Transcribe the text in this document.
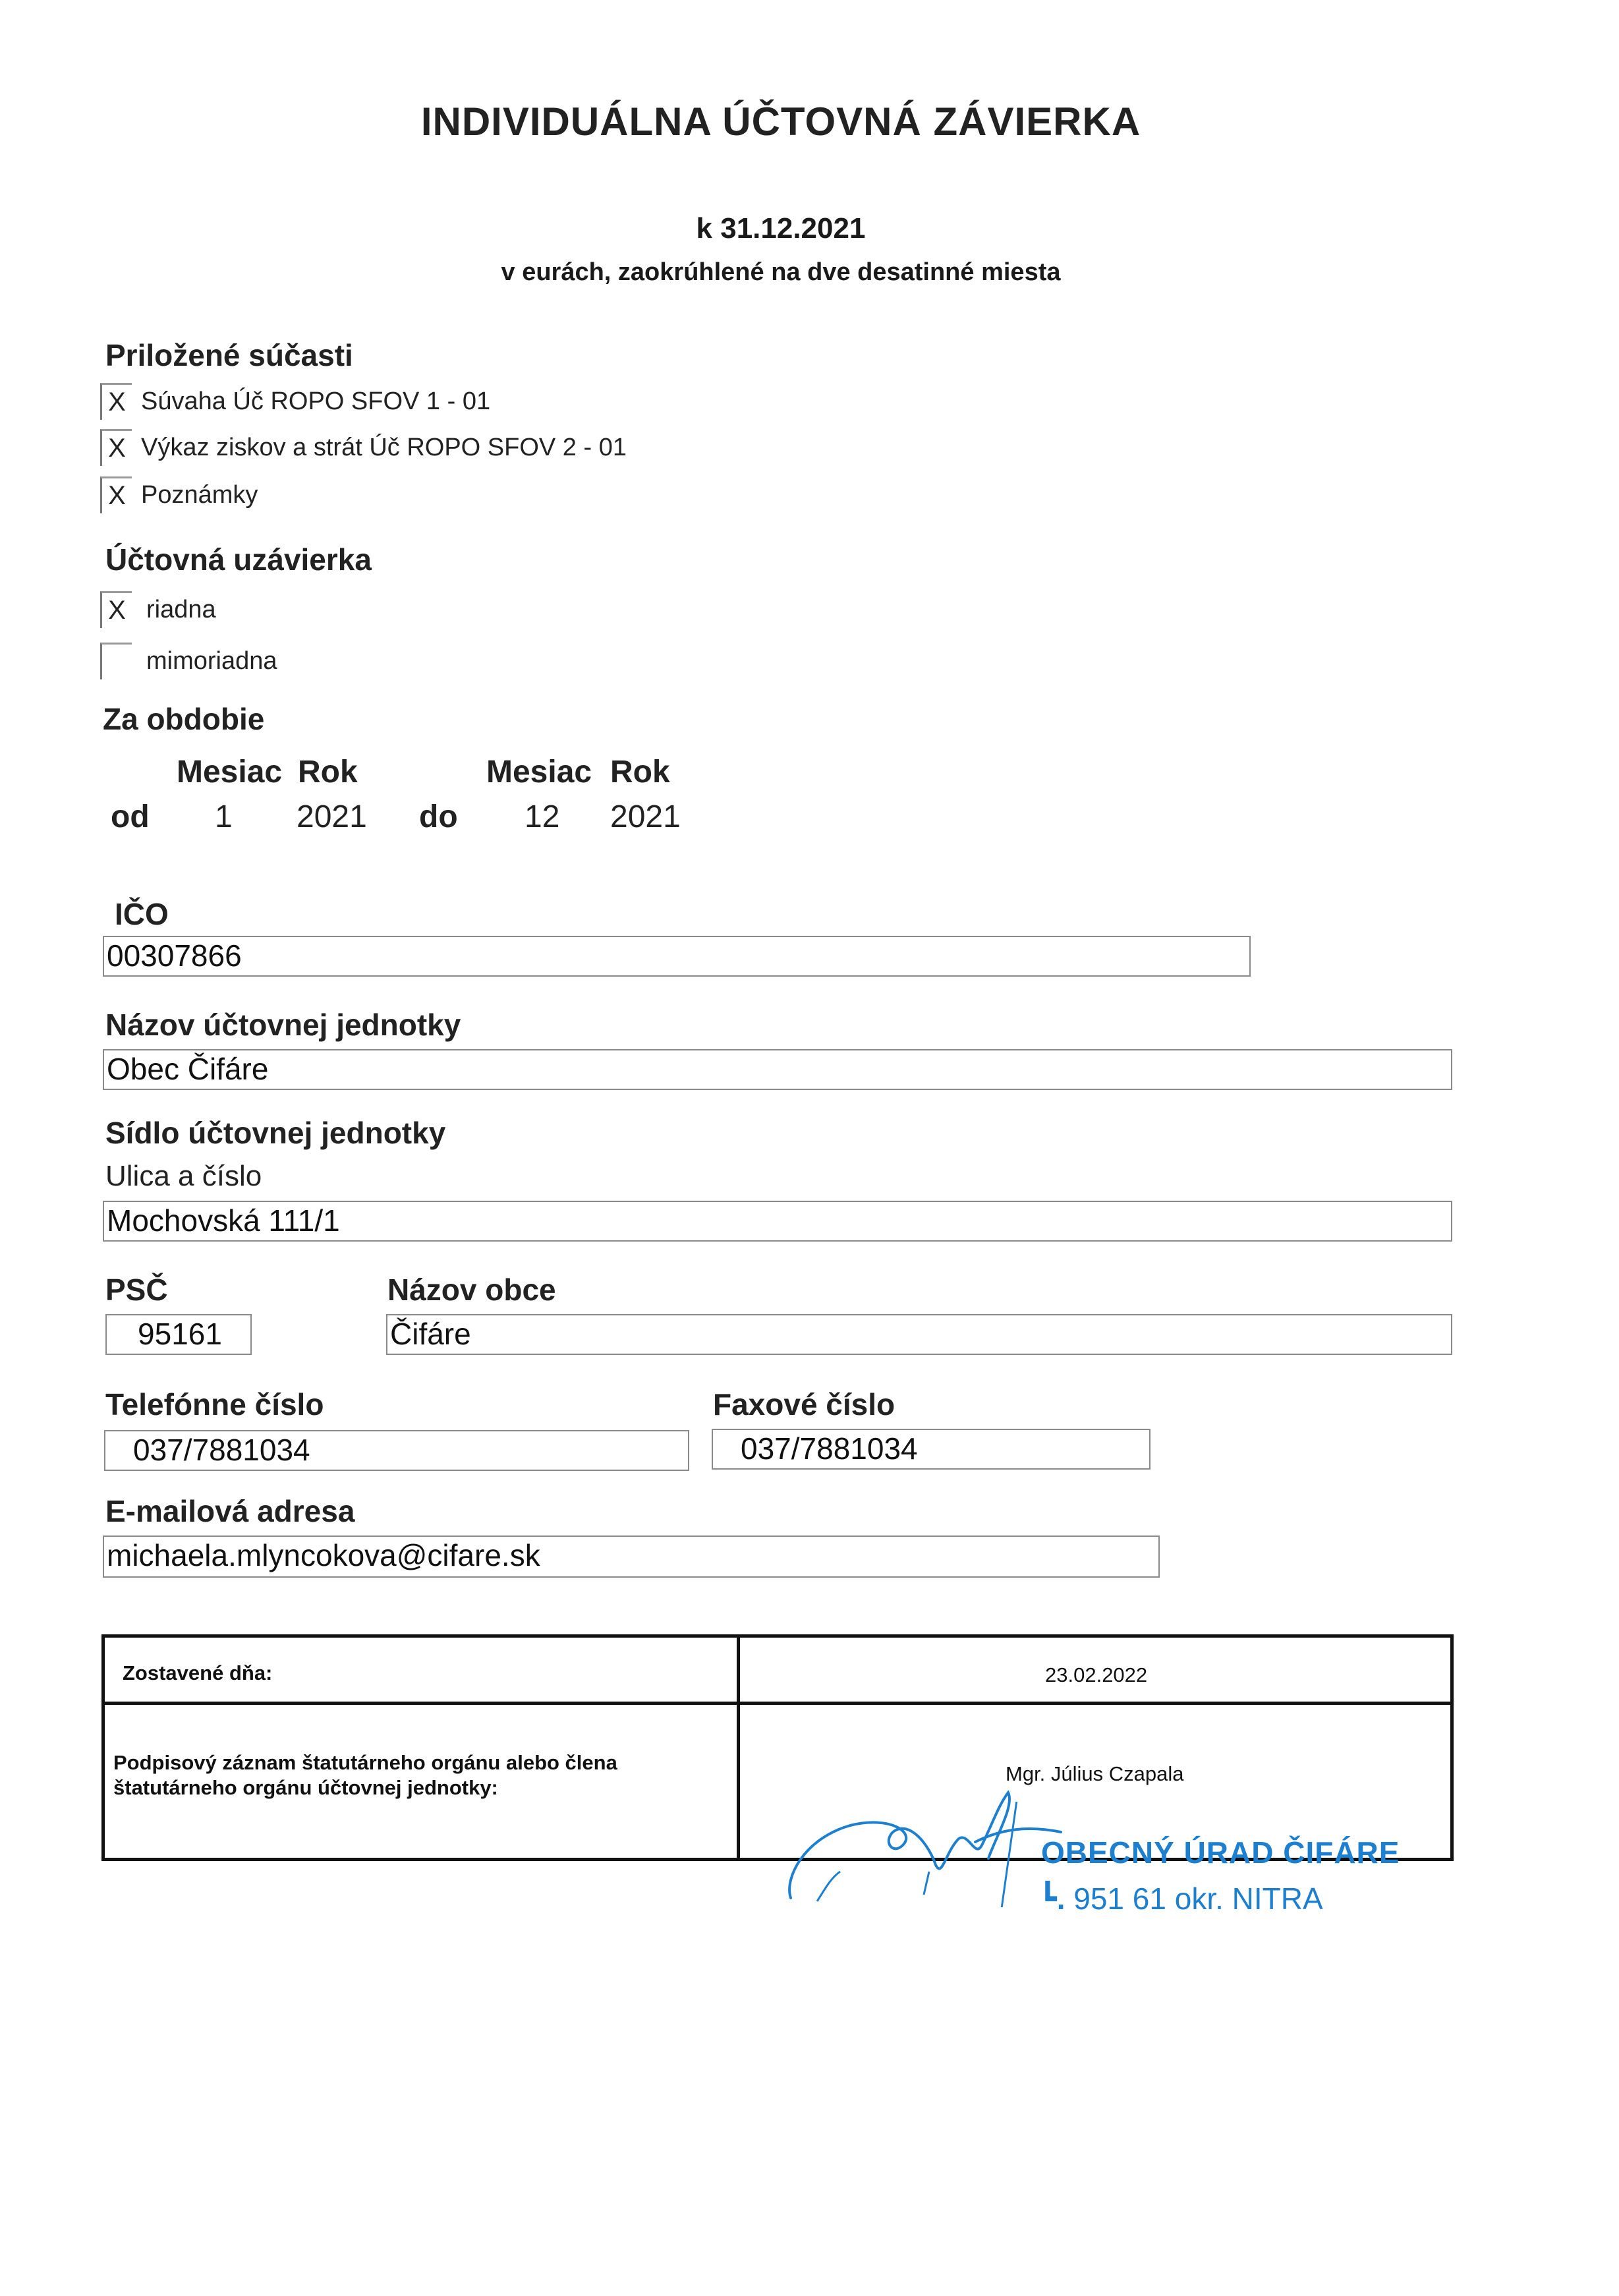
INDIVIDUÁLNA ÚČTOVNÁ ZÁVIERKA
k 31.12.2021
v eurách, zaokrúhlené na dve desatinné miesta
Priložené súčasti
X Súvaha Úč ROPO SFOV 1 - 01
X Výkaz ziskov a strát Úč ROPO SFOV 2 - 01
X Poznámky
Účtovná uzávierka
X riadna
mimoriadna
Za obdobie
Mesiac Rok	Mesiac Rok
od 1 2021 do 12 2021
IČO
00307866
Názov účtovnej jednotky
Obec Čifáre
Sídlo účtovnej jednotky
Ulica a číslo
Mochovská 111/1
PSČ	Názov obce
95161	Čifáre
Telefónne číslo	Faxové číslo
037/7881034	037/7881034
E-mailová adresa
michaela.mlyncokova@cifare.sk
Zostavené dňa:	23.02.2022
Podpisový záznam štatutárneho orgánu alebo člena
štatutárneho orgánu účtovnej jednotky:
Mgr. Július Czapala
OBECNÝ ÚRAD ČIFÁRE
┗. 951 61 okr. NITRA
